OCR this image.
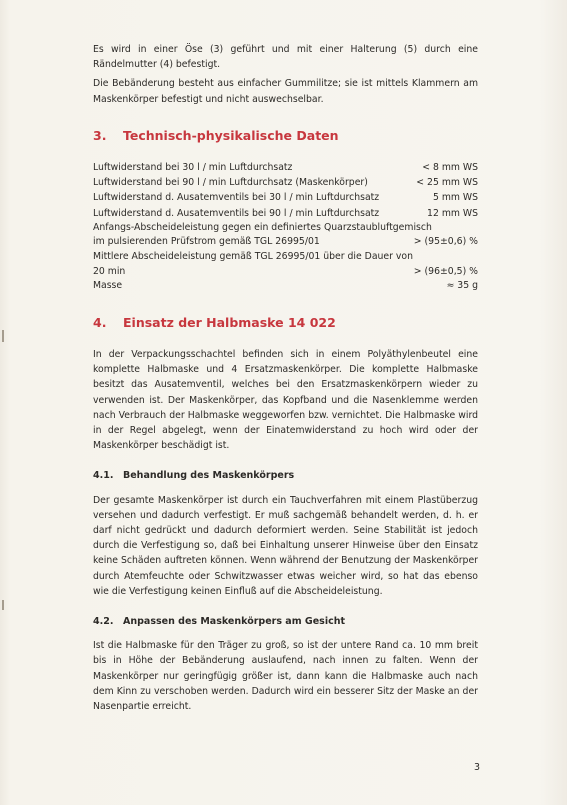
Es wird in einer Öse (3) geführt und mit einer Halterung (5) durch eine Rändelmutter (4) befestigt.

Die Bebänderung besteht aus einfacher Gummilitze; sie ist mittels Klammern am Maskenkörper befestigt und nicht auswechselbar.

3.	Technisch-physikalische Daten
Luftwiderstand bei 30 l / min Luftdurchsatz	< 8 mm WS
Luftwiderstand bei 90 l / min Luftdurchsatz (Maskenkörper)	< 25 mm WS
Luftwiderstand d. Ausatemventils bei 30 l / min Luftdurchsatz	5 mm WS
Luftwiderstand d. Ausatemventils bei 90 l / min Luftdurchsatz	12 mm WS

Anfangs-Abscheideleistung gegen ein definiertes Quarzstaubluftgemisch

im pulsierenden Prüfstrom gemäß TGL 26995/01	> (95±0,6) %

Mittlere Abscheideleistung gemäß TGL 26995/01 über die Dauer von

20 min	> (96±0,5) %
Masse	≈ 35 g
4.	Einsatz der Halbmaske 14 022

In der Verpackungsschachtel befinden sich in einem Polyäthylenbeutel eine komplette Halbmaske und 4 Ersatzmaskenkörper. Die komplette Halbmaske besitzt das Ausatemventil, welches bei den Ersatzmaskenkörpern wieder zu verwenden ist. Der Maskenkörper, das Kopfband und die Nasenklemme werden nach Verbrauch der Halbmaske weggeworfen bzw. vernichtet. Die Halbmaske wird in der Regel abgelegt, wenn der Einatemwiderstand zu hoch wird oder der Maskenkörper beschädigt ist.

4.1.	Behandlung des Maskenkörpers

Der gesamte Maskenkörper ist durch ein Tauchverfahren mit einem Plastüberzug versehen und dadurch verfestigt. Er muß sachgemäß behandelt werden, d. h. er darf nicht gedrückt und dadurch deformiert werden. Seine Stabilität ist jedoch durch die Verfestigung so, daß bei Einhaltung unserer Hinweise über den Einsatz keine Schäden auftreten können. Wenn während der Benutzung der Maskenkörper durch Atemfeuchte oder Schwitzwasser etwas weicher wird, so hat das ebenso wie die Verfestigung keinen Einfluß auf die Abscheideleistung.

4.2.	Anpassen des Maskenkörpers am Gesicht

Ist die Halbmaske für den Träger zu groß, so ist der untere Rand ca. 10 mm breit bis in Höhe der Bebänderung auslaufend, nach innen zu falten. Wenn der Maskenkörper nur geringfügig größer ist, dann kann die Halbmaske auch nach dem Kinn zu verschoben werden. Dadurch wird ein besserer Sitz der Maske an der Nasenpartie erreicht.

3
